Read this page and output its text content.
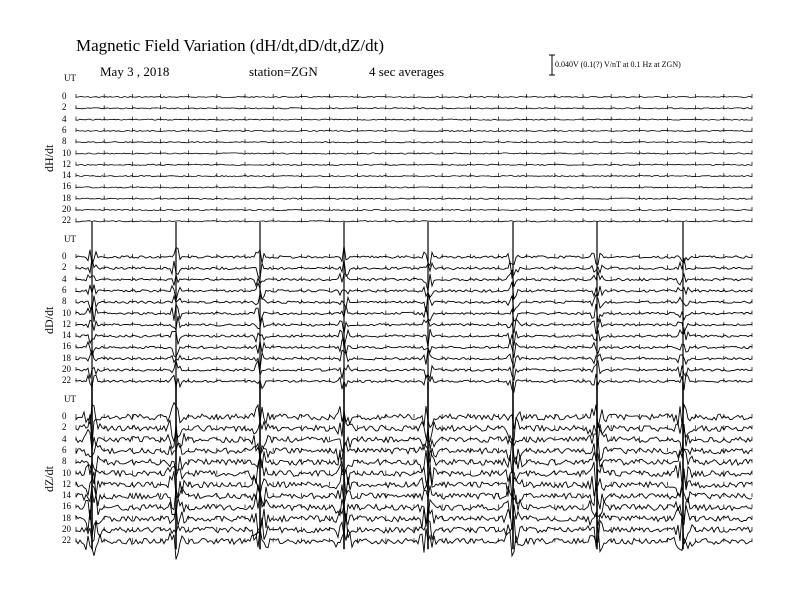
Magnetic Field Variation (dH/dt,dD/dt,dZ/dt)
May 3 , 2018	station=ZGN	4 sec averages	0.040V (0.1(?) V/nT at 0.1 Hz at ZGN)
UT
dH/dt
0
2
4
6
8
10
12
14
16
18
20
22
UT
dD/dt
0
2
4
6
8
10
12
14
16
18
20
22
UT
dZ/dt
0
2
4
6
8
10
12
14
16
18
20
22
